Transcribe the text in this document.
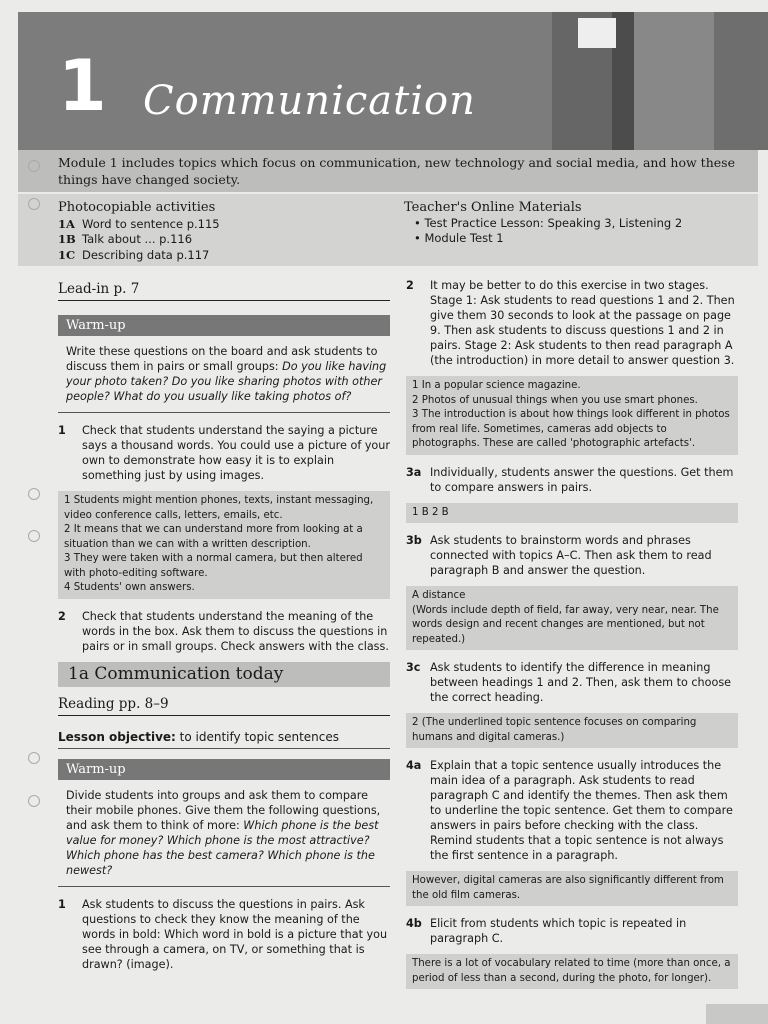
1 Communication

Module 1 includes topics which focus on communication, new technology and social media, and how these things have changed society.

Photocopiable activities
1A Word to sentence p.115
1B Talk about ... p.116
1C Describing data p.117
Teacher's Online Materials
• Test Practice Lesson: Speaking 3, Listening 2
• Module Test 1
Lead-in p. 7
Warm-up
Write these questions on the board and ask students to discuss them in pairs or small groups: Do you like having your photo taken? Do you like sharing photos with other people? What do you usually like taking photos of?
1	Check that students understand the saying a picture says a thousand words. You could use a picture of your own to demonstrate how easy it is to explain something just by using images.
1 Students might mention phones, texts, instant messaging, video conference calls, letters, emails, etc.
2 It means that we can understand more from looking at a situation than we can with a written description.
3 They were taken with a normal camera, but then altered with photo-editing software.
4 Students' own answers.
2	Check that students understand the meaning of the words in the box. Ask them to discuss the questions in pairs or in small groups. Check answers with the class.
1a Communication today
Reading pp. 8–9
Lesson objective: to identify topic sentences
Warm-up
Divide students into groups and ask them to compare their mobile phones. Give them the following questions, and ask them to think of more: Which phone is the best value for money? Which phone is the most attractive? Which phone has the best camera? Which phone is the newest?
1	Ask students to discuss the questions in pairs. Ask questions to check they know the meaning of the words in bold: Which word in bold is a picture that you see through a camera, on TV, or something that is drawn? (image).
2	It may be better to do this exercise in two stages. Stage 1: Ask students to read questions 1 and 2. Then give them 30 seconds to look at the passage on page 9. Then ask students to discuss questions 1 and 2 in pairs. Stage 2: Ask students to then read paragraph A (the introduction) in more detail to answer question 3.
1 In a popular science magazine.
2 Photos of unusual things when you use smart phones.
3 The introduction is about how things look different in photos from real life. Sometimes, cameras add objects to photographs. These are called 'photographic artefacts'.
3a Individually, students answer the questions. Get them to compare answers in pairs.
1 B 2 B
3b Ask students to brainstorm words and phrases connected with topics A–C. Then ask them to read paragraph B and answer the question.
A distance
(Words include depth of field, far away, very near, near. The words design and recent changes are mentioned, but not repeated.)
3c Ask students to identify the difference in meaning between headings 1 and 2. Then, ask them to choose the correct heading.
2 (The underlined topic sentence focuses on comparing humans and digital cameras.)
4a Explain that a topic sentence usually introduces the main idea of a paragraph. Ask students to read paragraph C and identify the themes. Then ask them to underline the topic sentence. Get them to compare answers in pairs before checking with the class. Remind students that a topic sentence is not always the first sentence in a paragraph.
However, digital cameras are also significantly different from the old film cameras.
4b Elicit from students which topic is repeated in paragraph C.
There is a lot of vocabulary related to time (more than once, a period of less than a second, during the photo, for longer).
